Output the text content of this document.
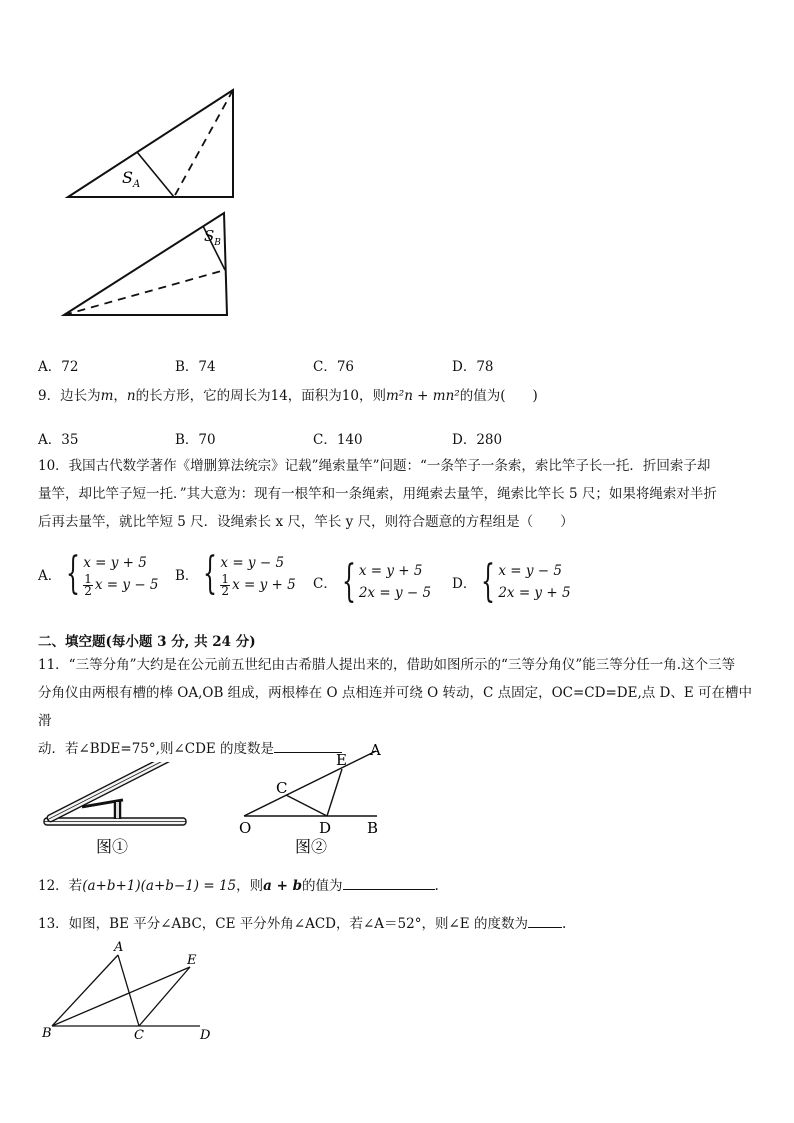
$S_A$
$S_B$
A．72	B．74	C．76	D．78
9．边长为m，n的长方形，它的周长为14，面积为10，则m²n + mn²的值为(　　)
A．35	B．70	C．140	D．280
10．我国古代数学著作《增删算法统宗》记载”绳索量竿”问题：“一条竿子一条索，索比竿子长一托．折回索子却
量竿，却比竿子短一托．”其大意为：现有一根竿和一条绳索，用绳索去量竿，绳索比竿长 5 尺；如果将绳索对半折
后再去量竿，就比竿短 5 尺．设绳索长 x 尺，竿长 y 尺，则符合题意的方程组是（　　）
A． { x = y + 5
$\frac{1}{2}$ x = y − 5
B． { x = y − 5
$\frac{1}{2}$ x = y + 5 C． { x = y + 5
2x = y − 5
D． { x = y − 5
2x = y + 5
二、填空题(每小题 3 分, 共 24 分)
11．“三等分角”大约是在公元前五世纪由古希腊人提出来的，借助如图所示的“三等分角仪”能三等分任一角.这个三等
分角仪由两根有槽的棒 OA,OB 组成，两根棒在 O 点相连并可绕 O 转动，C 点固定，OC=CD=DE,点 D、E 可在槽中滑
动．若∠BDE=75°,则∠CDE 的度数是
图①
O
C
D
E
A
B
图②
12．若(a+b+1)(a+b−1) = 15，则a + b的值为	.
13．如图，BE 平分∠ABC，CE 平分外角∠ACD，若∠A＝52°，则∠E 的度数为	.
A
B	C	D
E
